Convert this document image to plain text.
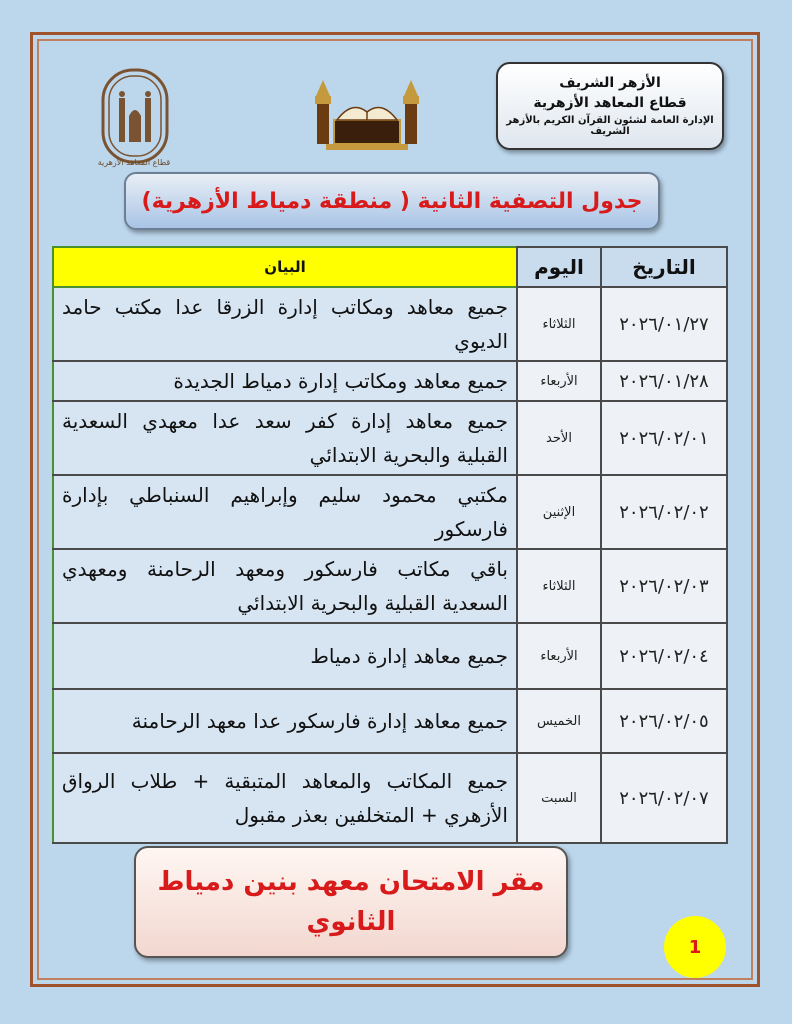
الأزهر الشريف
قطاع المعاهد الأزهرية
الإدارة العامة لشئون القرآن الكريم بالأزهر الشريف
قطاع المعاهد الأزهرية
جدول التصفية الثانية ( منطقة دمياط الأزهرية)
التاريخ	اليوم	البيان
٢٠٢٦/٠١/٢٧	الثلاثاء	جميع معاهد ومكاتب إدارة الزرقا عدا مكتب حامد الديوي
٢٠٢٦/٠١/٢٨	الأربعاء	جميع معاهد ومكاتب إدارة دمياط الجديدة
٢٠٢٦/٠٢/٠١	الأحد	جميع معاهد إدارة كفر سعد عدا معهدي السعدية القبلية والبحرية الابتدائي
٢٠٢٦/٠٢/٠٢	الإثنين	مكتبي محمود سليم وإبراهيم السنباطي بإدارة فارسكور
٢٠٢٦/٠٢/٠٣	الثلاثاء	باقي مكاتب فارسكور ومعهد الرحامنة ومعهدي السعدية القبلية والبحرية الابتدائي
٢٠٢٦/٠٢/٠٤	الأربعاء	جميع معاهد إدارة دمياط
٢٠٢٦/٠٢/٠٥	الخميس	جميع معاهد إدارة فارسكور عدا معهد الرحامنة
٢٠٢٦/٠٢/٠٧	السبت	جميع المكاتب والمعاهد المتبقية + طلاب الرواق الأزهري + المتخلفين بعذر مقبول
مقر الامتحان معهد بنين دمياط الثانوي
1
